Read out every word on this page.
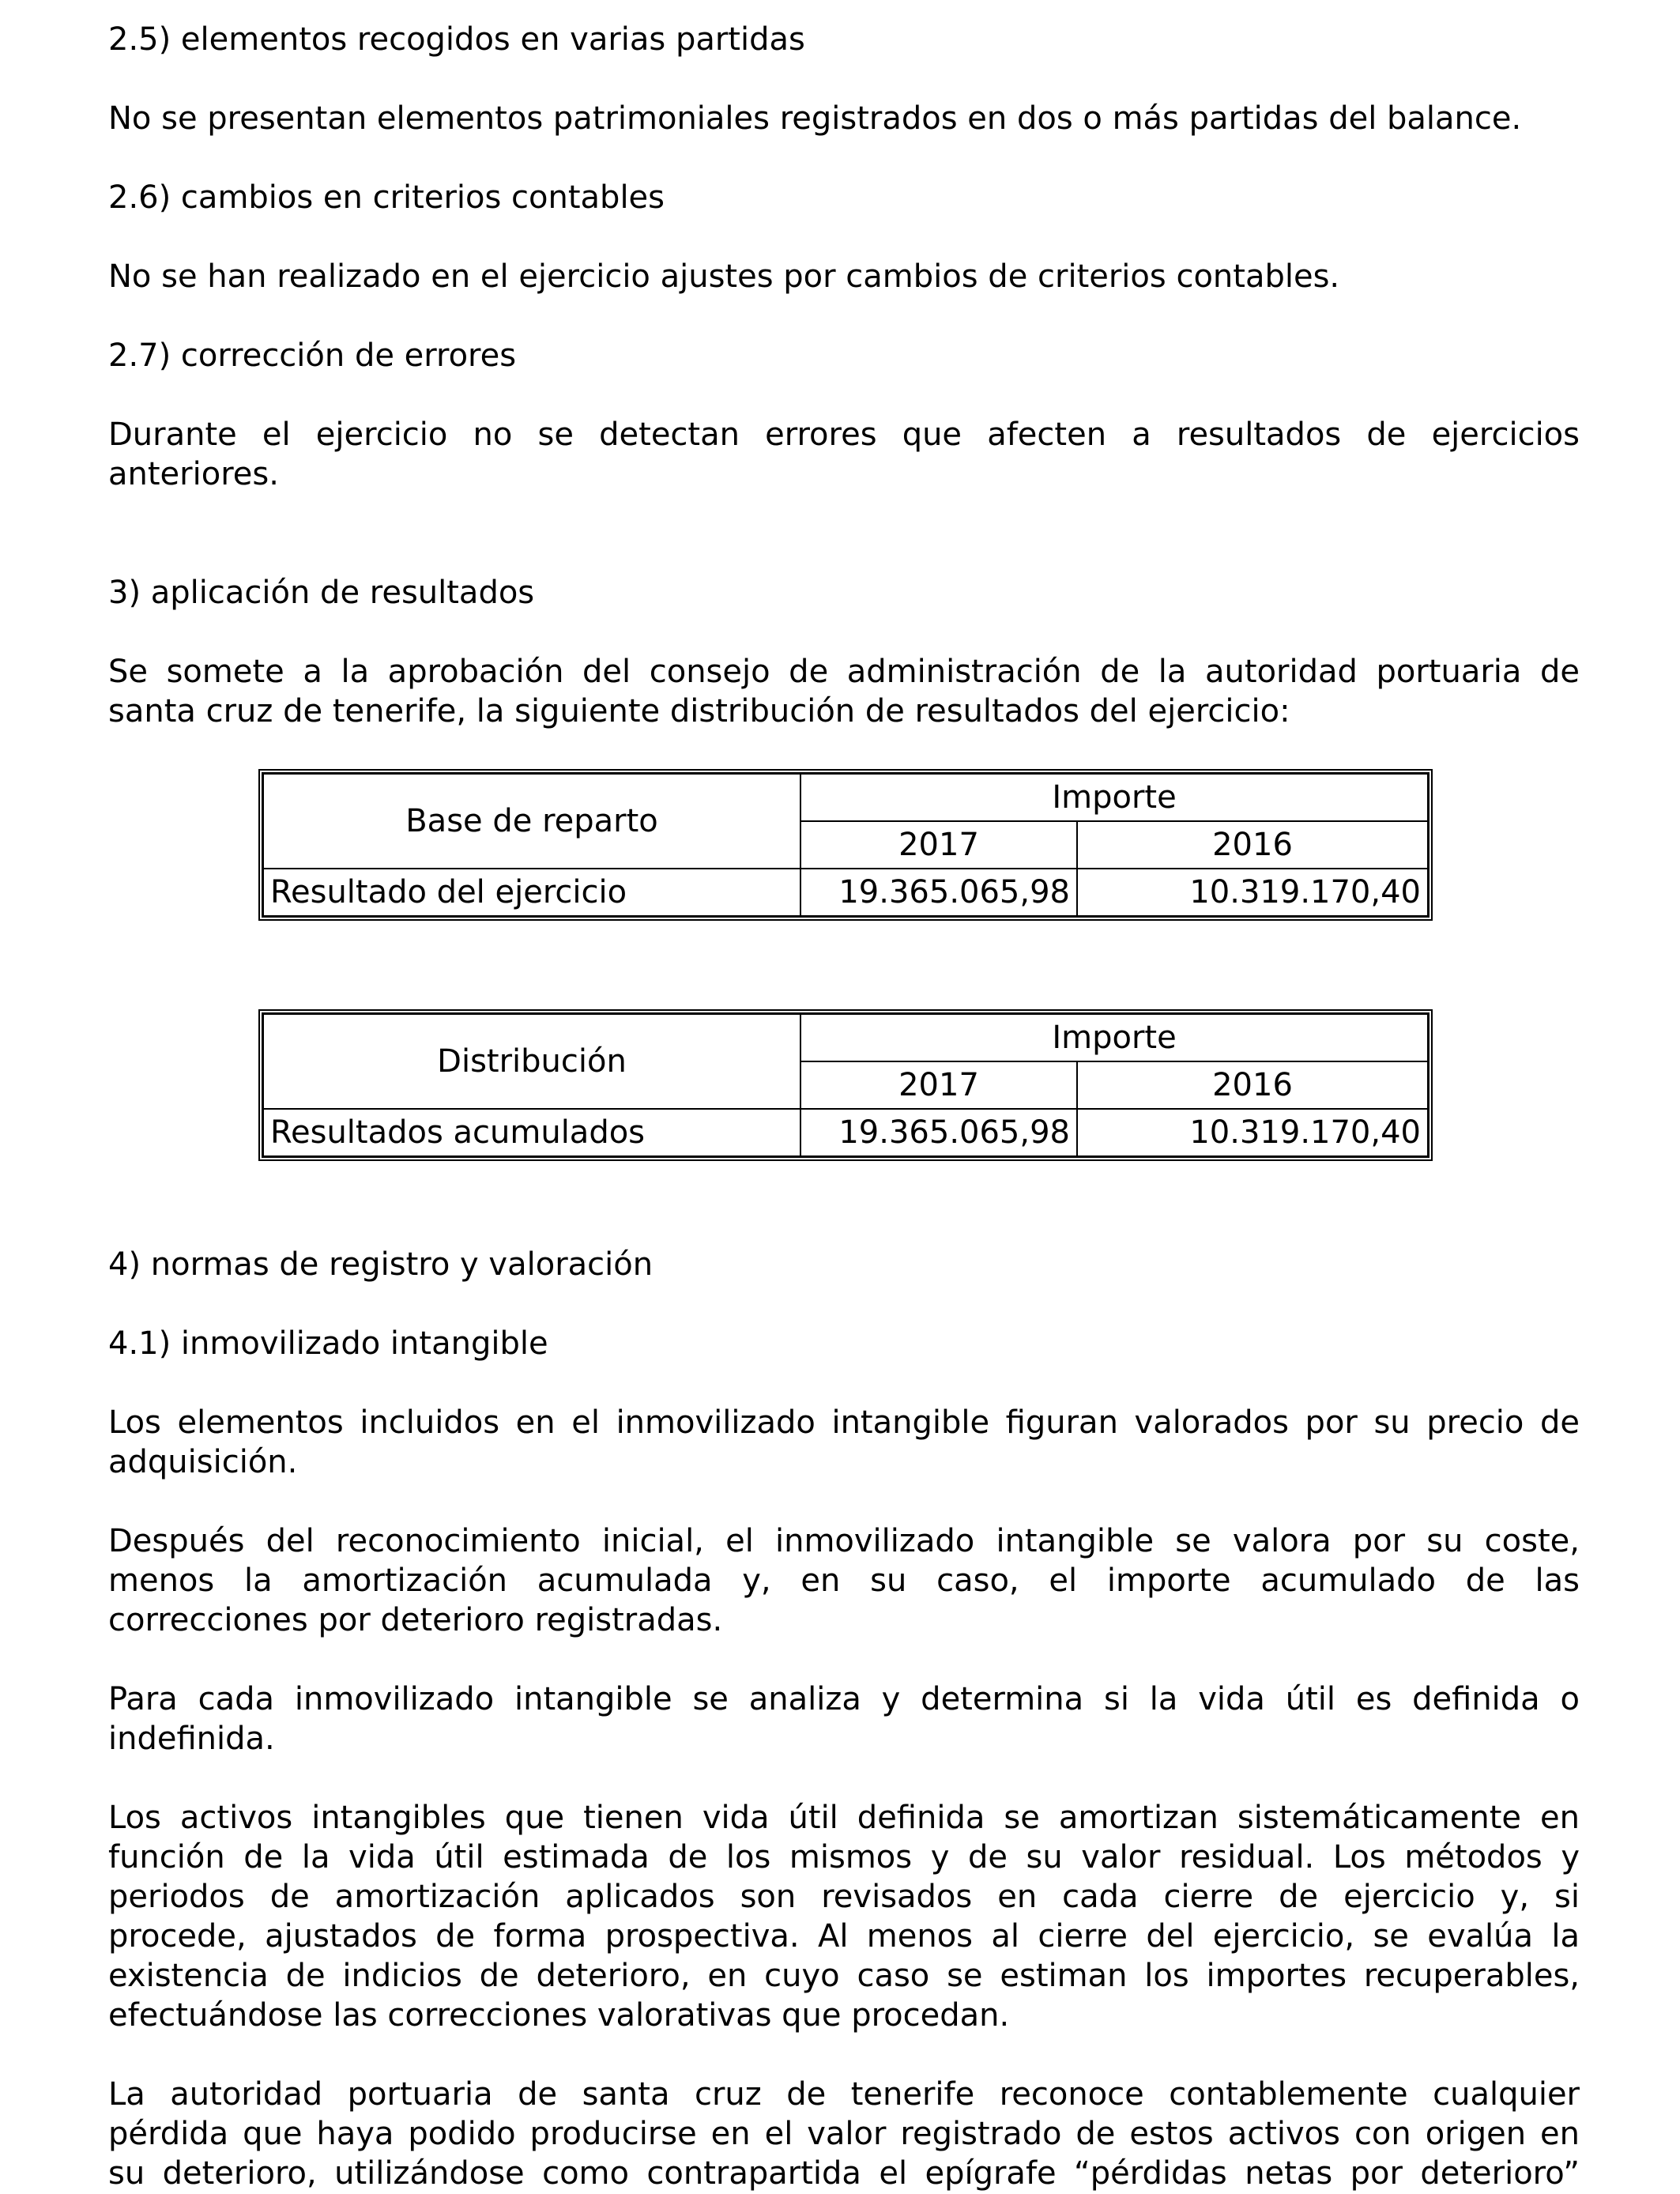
2.5) elementos recogidos en varias partidas
No se presentan elementos patrimoniales registrados en dos o más partidas del balance.
2.6) cambios en criterios contables
No se han realizado en el ejercicio ajustes por cambios de criterios contables.
2.7) corrección de errores
Durante el ejercicio no se detectan errores que afecten a resultados de ejercicios
anteriores.
3) aplicación de resultados
Se somete a la aprobación del consejo de administración de la autoridad portuaria de
santa cruz de tenerife, la siguiente distribución de resultados del ejercicio:
Base de reparto	Importe	
	2017	2016
Resultado del ejercicio	19.365.065,98	10.319.170,40
Distribución	Importe	
	2017	2016
Resultados acumulados	19.365.065,98	10.319.170,40
4) normas de registro y valoración
4.1) inmovilizado intangible
Los elementos incluidos en el inmovilizado intangible figuran valorados por su precio de
adquisición.
Después del reconocimiento inicial, el inmovilizado intangible se valora por su coste,
menos la amortización acumulada y, en su caso, el importe acumulado de las
correcciones por deterioro registradas.
Para cada inmovilizado intangible se analiza y determina si la vida útil es definida o
indefinida.
Los activos intangibles que tienen vida útil definida se amortizan sistemáticamente en
función de la vida útil estimada de los mismos y de su valor residual. Los métodos y
periodos de amortización aplicados son revisados en cada cierre de ejercicio y, si
procede, ajustados de forma prospectiva. Al menos al cierre del ejercicio, se evalúa la
existencia de indicios de deterioro, en cuyo caso se estiman los importes recuperables,
efectuándose las correcciones valorativas que procedan.
La autoridad portuaria de santa cruz de tenerife reconoce contablemente cualquier
pérdida que haya podido producirse en el valor registrado de estos activos con origen en
su deterioro, utilizándose como contrapartida el epígrafe “pérdidas netas por deterioro”
